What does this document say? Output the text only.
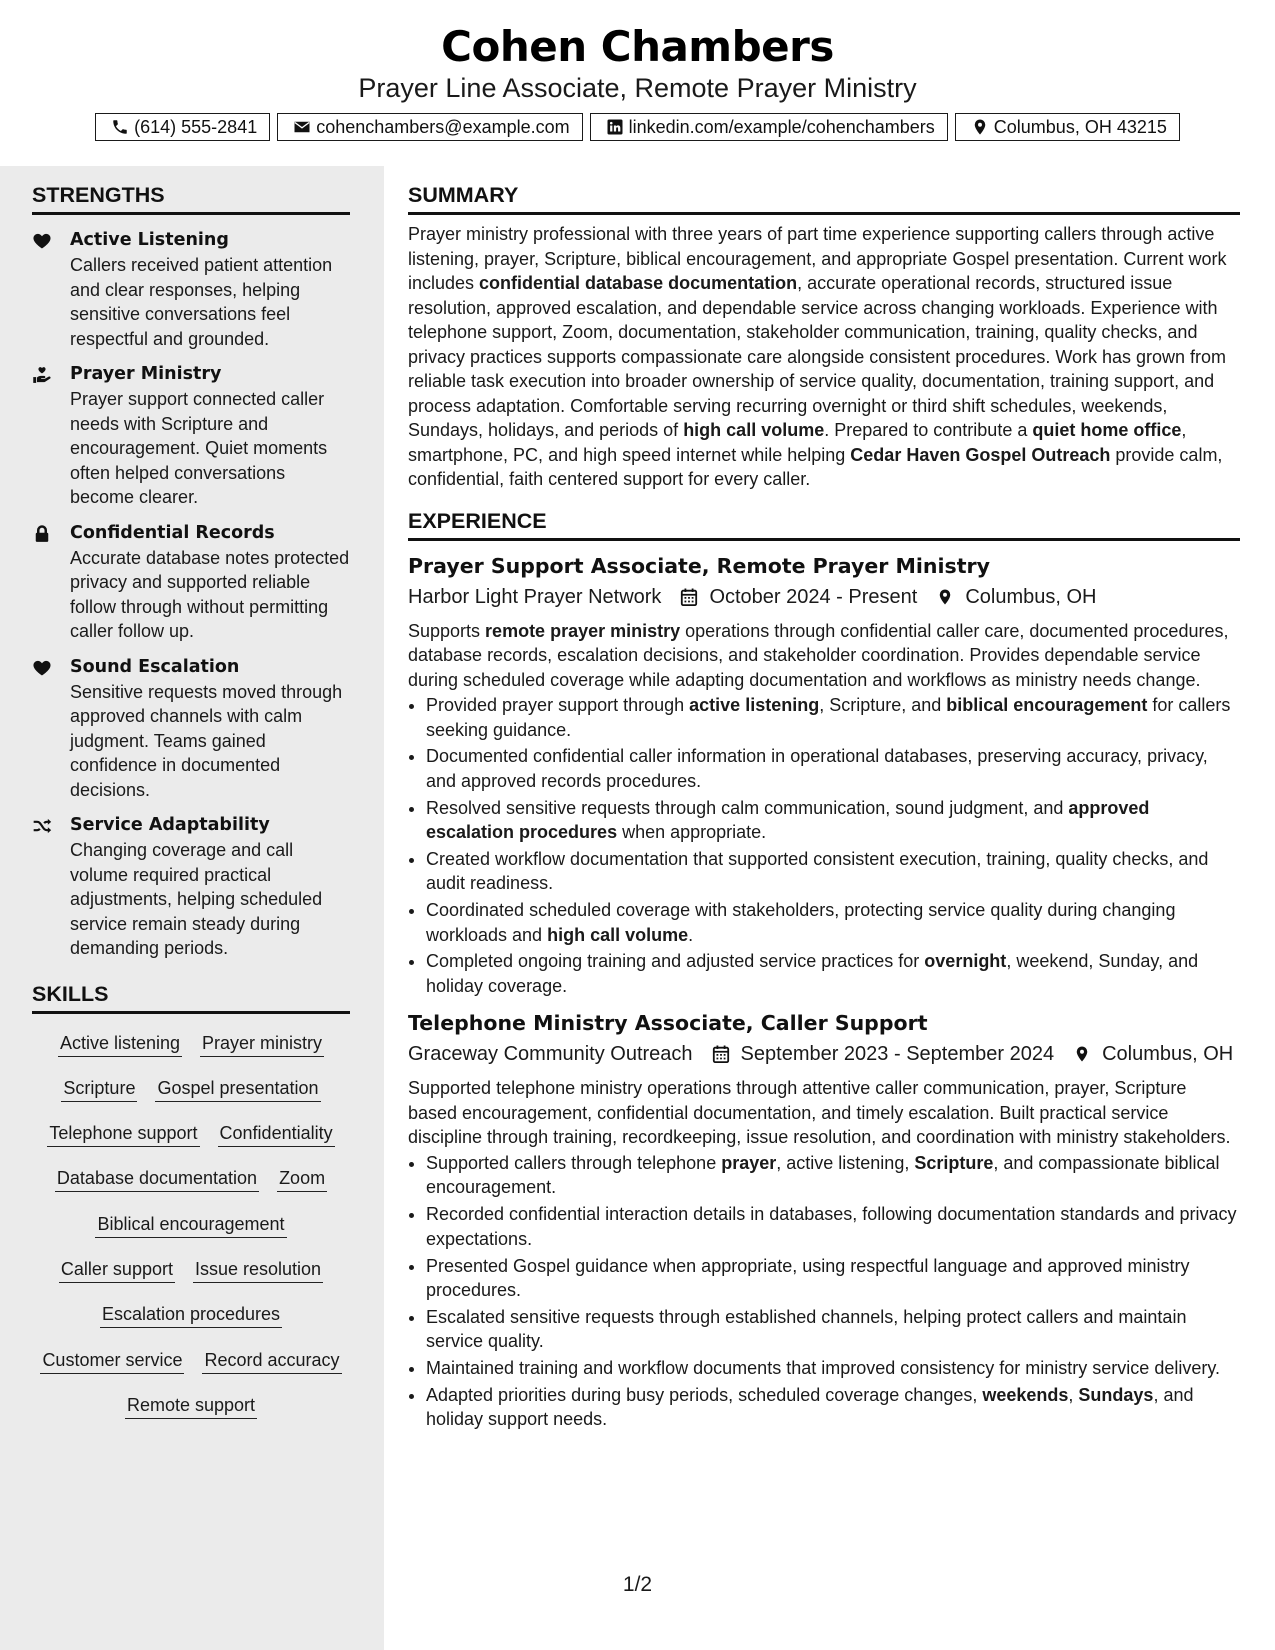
Cohen Chambers
Prayer Line Associate, Remote Prayer Ministry
(614) 555-2841	cohenchambers@example.com	linkedin.com/example/cohenchambers	Columbus, OH 43215
STRENGTHS
Active Listening
Callers received patient attention and clear responses, helping sensitive conversations feel respectful and grounded.
Prayer Ministry
Prayer support connected caller needs with Scripture and encouragement. Quiet moments often helped conversations become clearer.
Confidential Records
Accurate database notes protected privacy and supported reliable follow through without permitting caller follow up.
Sound Escalation
Sensitive requests moved through approved channels with calm judgment. Teams gained confidence in documented decisions.
Service Adaptability
Changing coverage and call volume required practical adjustments, helping scheduled service remain steady during demanding periods.
SKILLS
Active listening Prayer ministry
Scripture Gospel presentation
Telephone support Confidentiality
Database documentation Zoom
Biblical encouragement
Caller support Issue resolution
Escalation procedures
Customer service Record accuracy
Remote support
SUMMARY
Prayer ministry professional with three years of part time experience supporting callers through active listening, prayer, Scripture, biblical encouragement, and appropriate Gospel presentation. Current work includes confidential database documentation, accurate operational records, structured issue resolution, approved escalation, and dependable service across changing workloads. Experience with telephone support, Zoom, documentation, stakeholder communication, training, quality checks, and privacy practices supports compassionate care alongside consistent procedures. Work has grown from reliable task execution into broader ownership of service quality, documentation, training support, and process adaptation. Comfortable serving recurring overnight or third shift schedules, weekends, Sundays, holidays, and periods of high call volume. Prepared to contribute a quiet home office, smartphone, PC, and high speed internet while helping Cedar Haven Gospel Outreach provide calm, confidential, faith centered support for every caller.
EXPERIENCE
Prayer Support Associate, Remote Prayer Ministry
Harbor Light Prayer Network October 2024 - Present Columbus, OH
Supports remote prayer ministry operations through confidential caller care, documented procedures, database records, escalation decisions, and stakeholder coordination. Provides dependable service during scheduled coverage while adapting documentation and workflows as ministry needs change.
• Provided prayer support through active listening, Scripture, and biblical encouragement for callers seeking guidance.
• Documented confidential caller information in operational databases, preserving accuracy, privacy, and approved records procedures.
• Resolved sensitive requests through calm communication, sound judgment, and approved escalation procedures when appropriate.
• Created workflow documentation that supported consistent execution, training, quality checks, and audit readiness.
• Coordinated scheduled coverage with stakeholders, protecting service quality during changing workloads and high call volume.
• Completed ongoing training and adjusted service practices for overnight, weekend, Sunday, and holiday coverage.
Telephone Ministry Associate, Caller Support
Graceway Community Outreach September 2023 - September 2024 Columbus, OH
Supported telephone ministry operations through attentive caller communication, prayer, Scripture based encouragement, confidential documentation, and timely escalation. Built practical service discipline through training, recordkeeping, issue resolution, and coordination with ministry stakeholders.
• Supported callers through telephone prayer, active listening, Scripture, and compassionate biblical encouragement.
• Recorded confidential interaction details in databases, following documentation standards and privacy expectations.
• Presented Gospel guidance when appropriate, using respectful language and approved ministry procedures.
• Escalated sensitive requests through established channels, helping protect callers and maintain service quality.
• Maintained training and workflow documents that improved consistency for ministry service delivery.
• Adapted priorities during busy periods, scheduled coverage changes, weekends, Sundays, and holiday support needs.
1/2
